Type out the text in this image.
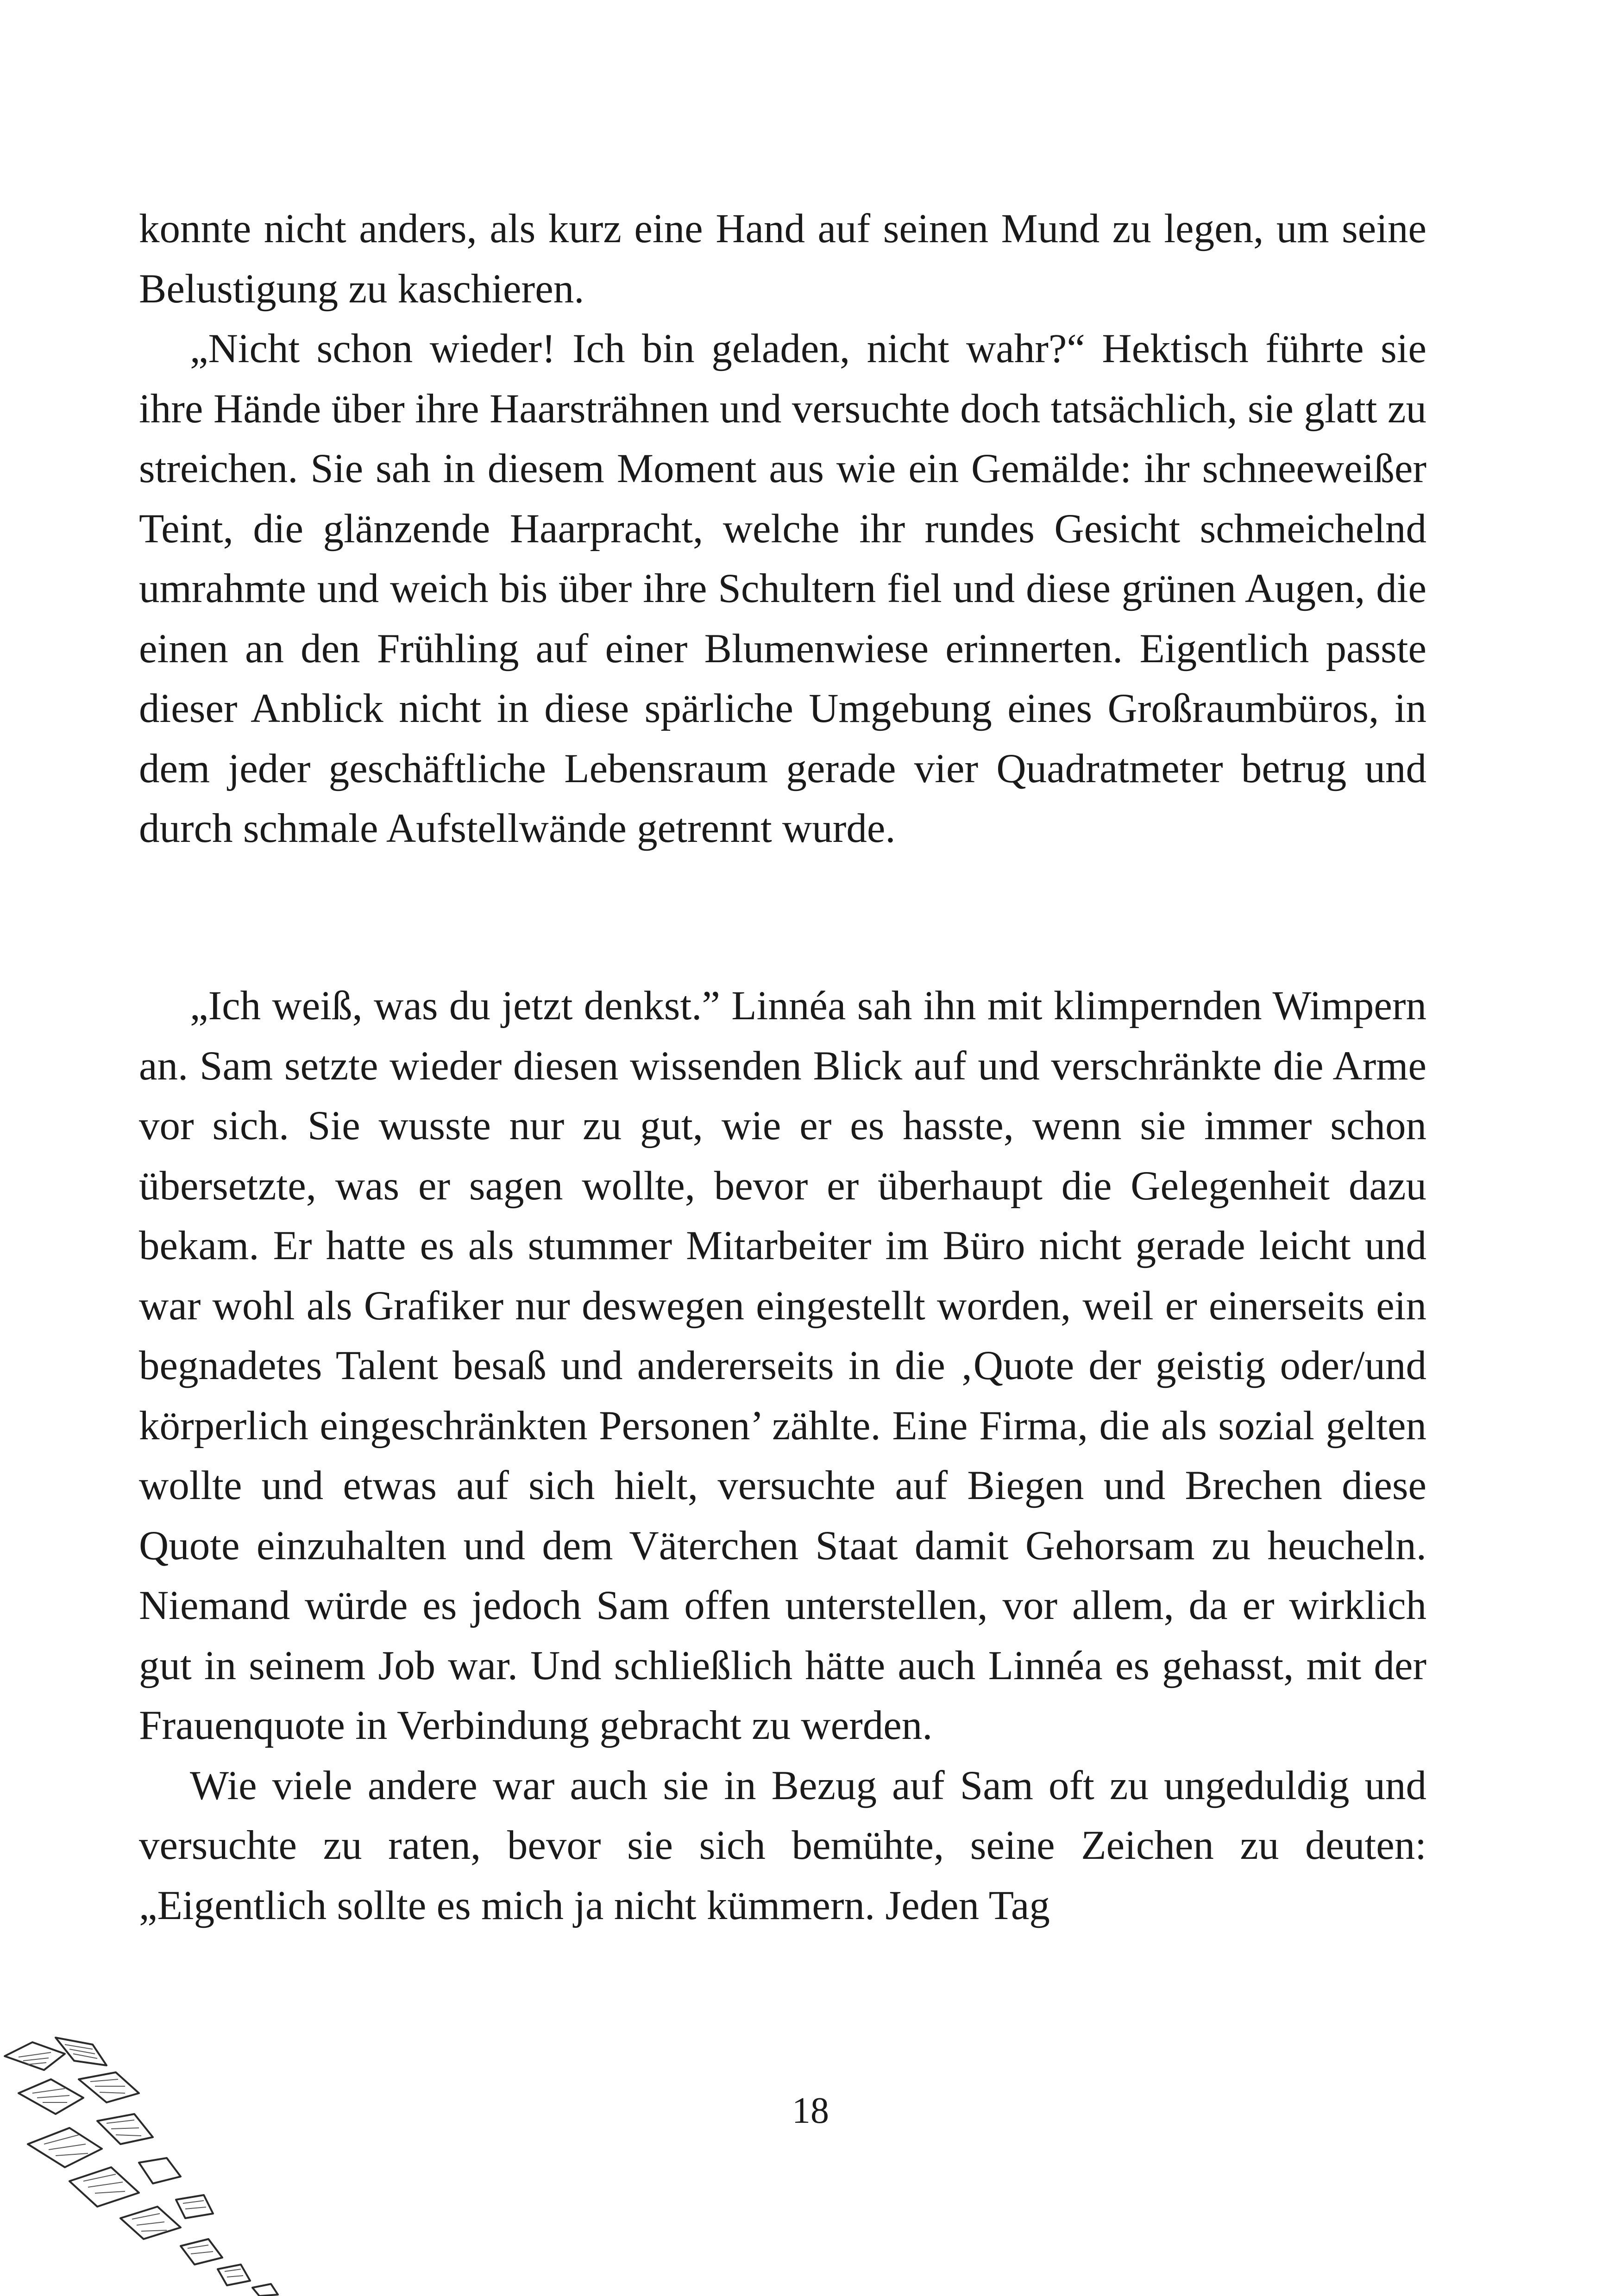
konnte nicht anders, als kurz eine Hand auf seinen Mund zu legen, um seine Belustigung zu kaschieren.

„Nicht schon wieder! Ich bin geladen, nicht wahr?“ Hektisch führte sie ihre Hände über ihre Haarsträhnen und versuchte doch tatsächlich, sie glatt zu streichen. Sie sah in diesem Moment aus wie ein Gemälde: ihr schneeweißer Teint, die glänzende Haarpracht, welche ihr rundes Gesicht schmeichelnd umrahmte und weich bis über ihre Schultern fiel und diese grünen Augen, die einen an den Frühling auf einer Blumenwiese erinnerten. Eigentlich passte dieser Anblick nicht in diese spärliche Umgebung eines Großraumbüros, in dem jeder geschäftliche Lebensraum gerade vier Quadratmeter betrug und durch schmale Aufstellwände getrennt wurde.

„Ich weiß, was du jetzt denkst.” Linnéa sah ihn mit klimpernden Wimpern an. Sam setzte wieder diesen wissenden Blick auf und verschränkte die Arme vor sich. Sie wusste nur zu gut, wie er es hasste, wenn sie immer schon übersetzte, was er sagen wollte, bevor er überhaupt die Gelegenheit dazu bekam. Er hatte es als stummer Mitarbeiter im Büro nicht gerade leicht und war wohl als Grafiker nur deswegen eingestellt worden, weil er einerseits ein begnadetes Talent besaß und andererseits in die ‚Quote der geistig oder/und körperlich eingeschränkten Personen’ zählte. Eine Firma, die als sozial gelten wollte und etwas auf sich hielt, versuchte auf Biegen und Brechen diese Quote einzuhalten und dem Väterchen Staat damit Gehorsam zu heucheln. Niemand würde es jedoch Sam offen unterstellen, vor allem, da er wirklich gut in seinem Job war. Und schließlich hätte auch Linnéa es gehasst, mit der Frauenquote in Verbindung gebracht zu werden.

Wie viele andere war auch sie in Bezug auf Sam oft zu ungeduldig und versuchte zu raten, bevor sie sich bemühte, seine Zeichen zu deuten: „Eigentlich sollte es mich ja nicht kümmern. Jeden Tag

18
